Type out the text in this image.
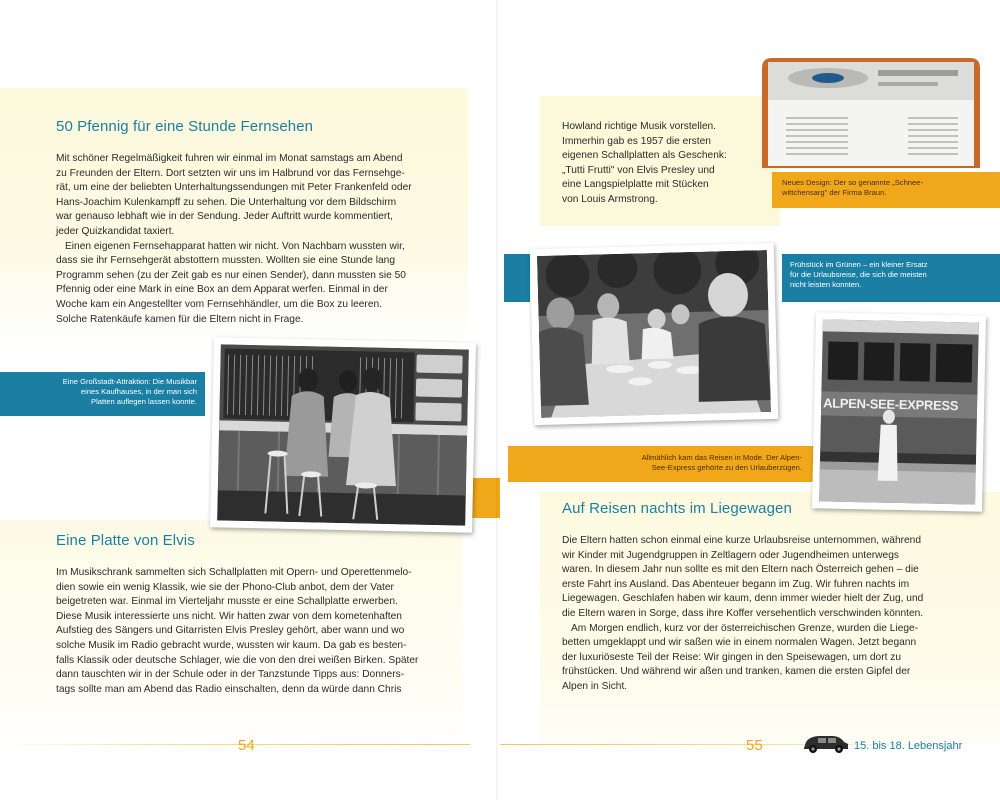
50 Pfennig für eine Stunde Fernsehen

Mit schöner Regelmäßigkeit fuhren wir einmal im Monat samstags am Abend
zu Freunden der Eltern. Dort setzten wir uns im Halbrund vor das Fernsehge-
rät, um eine der beliebten Unterhaltungssendungen mit Peter Frankenfeld oder
Hans-Joachim Kulenkampff zu sehen. Die Unterhaltung vor dem Bildschirm
war genauso lebhaft wie in der Sendung. Jeder Auftritt wurde kommentiert,
jeder Quizkandidat taxiert.

Einen eigenen Fernsehapparat hatten wir nicht. Von Nachbarn wussten wir,
dass sie ihr Fernsehgerät abstottern mussten. Wollten sie eine Stunde lang
Programm sehen (zu der Zeit gab es nur einen Sender), dann mussten sie 50
Pfennig oder eine Mark in eine Box an dem Apparat werfen. Einmal in der
Woche kam ein Angestellter vom Fernsehhändler, um die Box zu leeren.
Solche Ratenkäufe kamen für die Eltern nicht in Frage.

Eine Großstadt-Attraktion: Die Musikbar
eines Kaufhauses, in der man sich
Platten auflegen lassen konnte.
Eine Platte von Elvis

Im Musikschrank sammelten sich Schallplatten mit Opern- und Operettenmelo-
dien sowie ein wenig Klassik, wie sie der Phono-Club anbot, dem der Vater
beigetreten war. Einmal im Vierteljahr musste er eine Schallplatte erwerben.
Diese Musik interessierte uns nicht. Wir hatten zwar von dem kometenhaften
Aufstieg des Sängers und Gitarristen Elvis Presley gehört, aber wann und wo
solche Musik im Radio gebracht wurde, wussten wir kaum. Da gab es besten-
falls Klassik oder deutsche Schlager, wie die von den drei weißen Birken. Später
dann tauschten wir in der Schule oder in der Tanzstunde Tipps aus: Donners-
tags sollte man am Abend das Radio einschalten, denn da würde dann Chris

54

Howland richtige Musik vorstellen.
Immerhin gab es 1957 die ersten
eigenen Schallplatten als Geschenk:
„Tutti Frutti" von Elvis Presley und
eine Langspielplatte mit Stücken
von Louis Armstrong.

Neues Design: Der so genannte „Schnee-
wittchensarg" der Firma Braun.
Frühstück im Grünen – ein kleiner Ersatz
für die Urlaubsreise, die sich die meisten
nicht leisten konnten.
Allmählich kam das Reisen in Mode. Der Alpen-
See-Express gehörte zu den Urlauberzügen.
ALPEN-SEE-EXPRESS
Auf Reisen nachts im Liegewagen

Die Eltern hatten schon einmal eine kurze Urlaubsreise unternommen, während
wir Kinder mit Jugendgruppen in Zeltlagern oder Jugendheimen unterwegs
waren. In diesem Jahr nun sollte es mit den Eltern nach Österreich gehen – die
erste Fahrt ins Ausland. Das Abenteuer begann im Zug. Wir fuhren nachts im
Liegewagen. Geschlafen haben wir kaum, denn immer wieder hielt der Zug, und
die Eltern waren in Sorge, dass ihre Koffer versehentlich verschwinden könnten.

Am Morgen endlich, kurz vor der österreichischen Grenze, wurden die Liege-
betten umgeklappt und wir saßen wie in einem normalen Wagen. Jetzt begann
der luxuriöseste Teil der Reise: Wir gingen in den Speisewagen, um dort zu
frühstücken. Und während wir aßen und tranken, kamen die ersten Gipfel der
Alpen in Sicht.

55	15. bis 18. Lebensjahr
